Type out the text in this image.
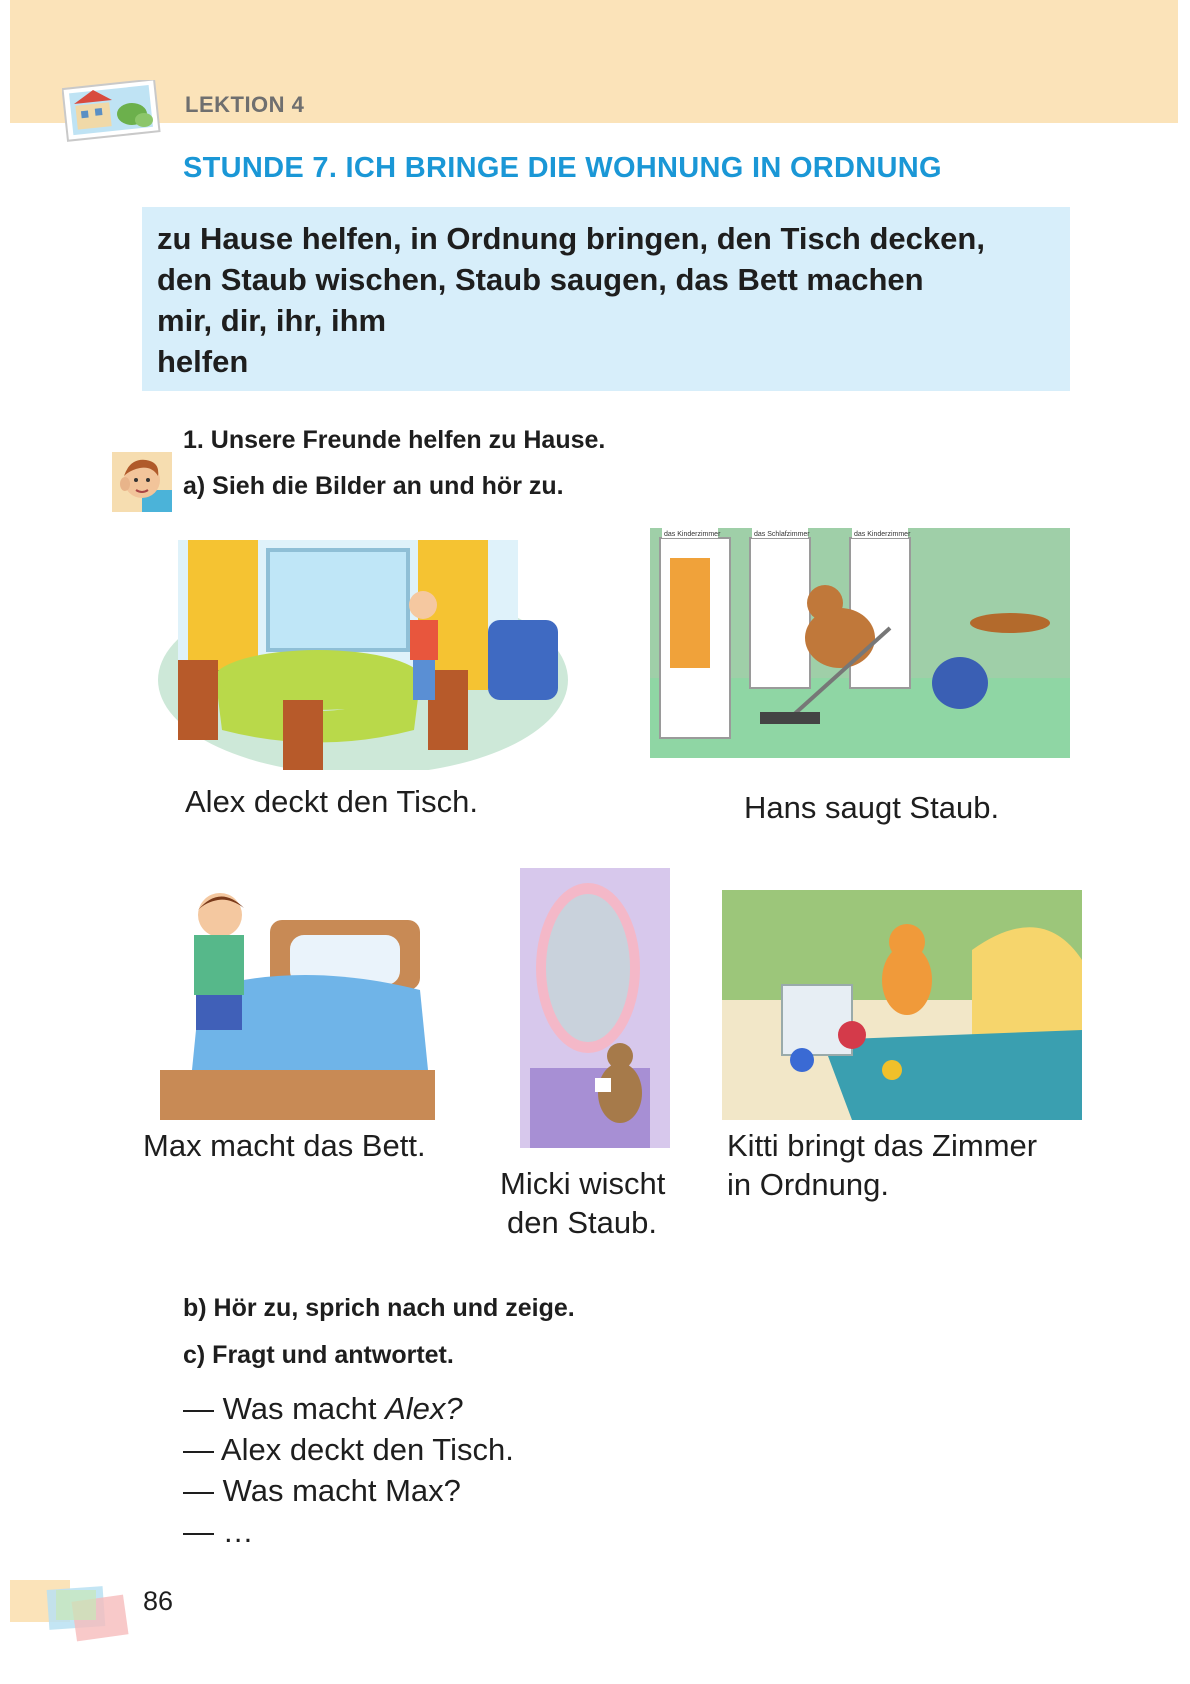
LEKTION 4
STUNDE 7. ICH BRINGE DIE WOHNUNG IN ORDNUNG
zu Hause helfen, in Ordnung bringen, den Tisch decken,
den Staub wischen, Staub saugen, das Bett machen
mir, dir, ihr, ihm
helfen
1. Unsere Freunde helfen zu Hause.
a) Sieh die Bilder an und hör zu.
Alex deckt den Tisch.
das Kinderzimmer	das Schlafzimmer	das Kinderzimmer
Hans saugt Staub.
Max macht das Bett.
Micki wischt
den Staub.
Kitti bringt das Zimmer
in Ordnung.
b) Hör zu, sprich nach und zeige.
c) Fragt und antwortet.
— Was macht Alex?
— Alex deckt den Tisch.
— Was macht Max?
— …
86
